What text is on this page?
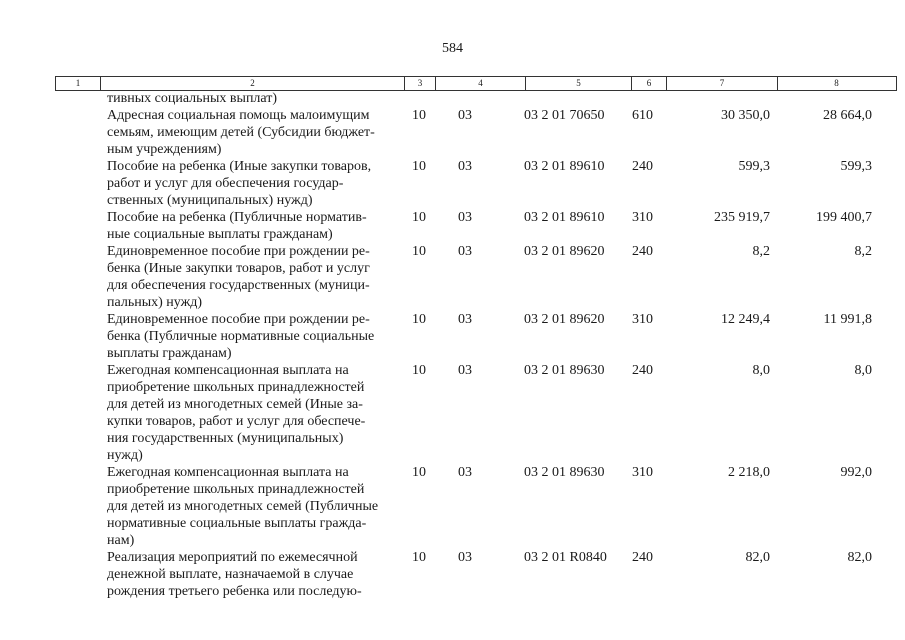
584
1	2	3	4	5	6	7	8
тивных социальных выплат)
Адресная социальная помощь малоимущим
семьям, имеющим детей (Субсидии бюджет-
ным учреждениям)
10	03	03 2 01 70650	610	30 350,0	28 664,0
Пособие на ребенка (Иные закупки товаров,
работ и услуг для обеспечения государ-
ственных (муниципальных) нужд)
10	03	03 2 01 89610	240	599,3	599,3
Пособие на ребенка (Публичные норматив-
ные социальные выплаты гражданам)
10	03	03 2 01 89610	310	235 919,7	199 400,7
Единовременное пособие при рождении ре-
бенка (Иные закупки товаров, работ и услуг
для обеспечения государственных (муници-
пальных) нужд)
10	03	03 2 01 89620	240	8,2	8,2
Единовременное пособие при рождении ре-
бенка (Публичные нормативные социальные
выплаты гражданам)
10	03	03 2 01 89620	310	12 249,4	11 991,8
Ежегодная компенсационная выплата на
приобретение школьных принадлежностей
для детей из многодетных семей (Иные за-
купки товаров, работ и услуг для обеспече-
ния государственных (муниципальных)
нужд)
10	03	03 2 01 89630	240	8,0	8,0
Ежегодная компенсационная выплата на
приобретение школьных принадлежностей
для детей из многодетных семей (Публичные
нормативные социальные выплаты гражда-
нам)
10	03	03 2 01 89630	310	2 218,0	992,0
Реализация мероприятий по ежемесячной
денежной выплате, назначаемой в случае
рождения третьего ребенка или последую-
10	03	03 2 01 R0840	240	82,0	82,0
